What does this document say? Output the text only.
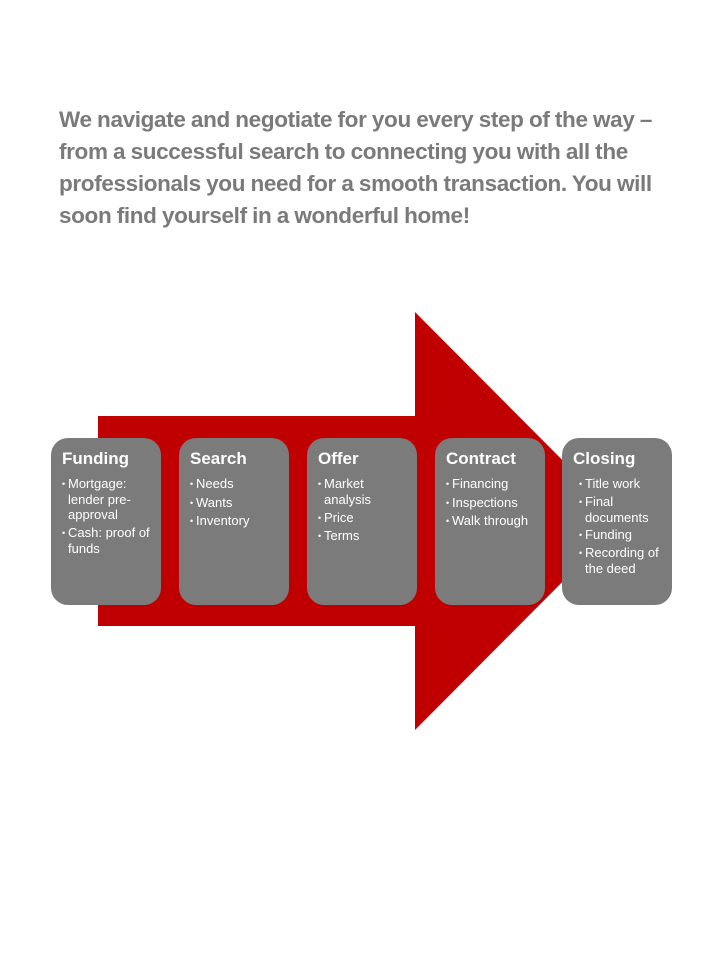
We navigate and negotiate for you every step of the way – from a successful search to connecting you with all the professionals you need for a smooth transaction. You will soon find yourself in a wonderful home!

Funding
• Mortgage: lender pre-approval
• Cash: proof of funds
Search
• Needs
• Wants
• Inventory
Offer
• Market analysis
• Price
• Terms
Contract
• Financing
• Inspections
• Walk through
Closing
• Title work
• Final documents
• Funding
• Recording of the deed
